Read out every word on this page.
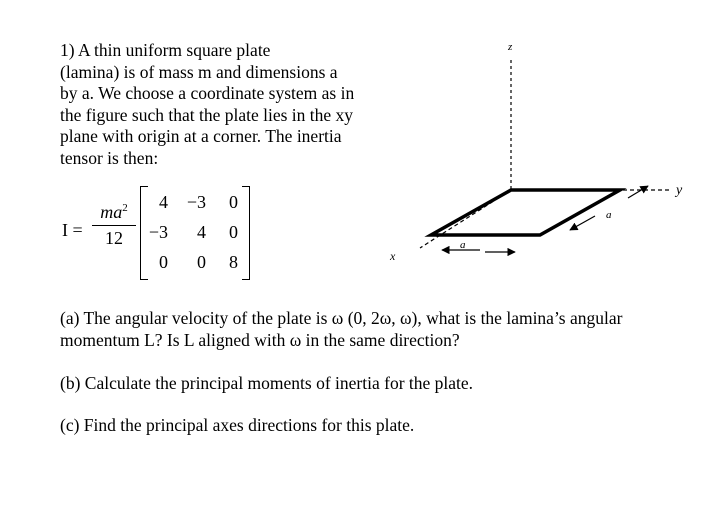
1) A thin uniform square plate

(lamina) is of mass m and dimensions a

by a. We choose a coordinate system as in

the figure such that the plate lies in the xy

plane with origin at a corner. The inertia

tensor is then:

$I = \frac{ma^2}{12}$	4	−3	0
−3	4	0
0	0	8
z
y
x
a
a
(a) The angular velocity of the plate is ω (0, 2ω, ω), what is the lamina’s angular
momentum L? Is L aligned with ω in the same direction?

(b) Calculate the principal moments of inertia for the plate.

(c) Find the principal axes directions for this plate.
